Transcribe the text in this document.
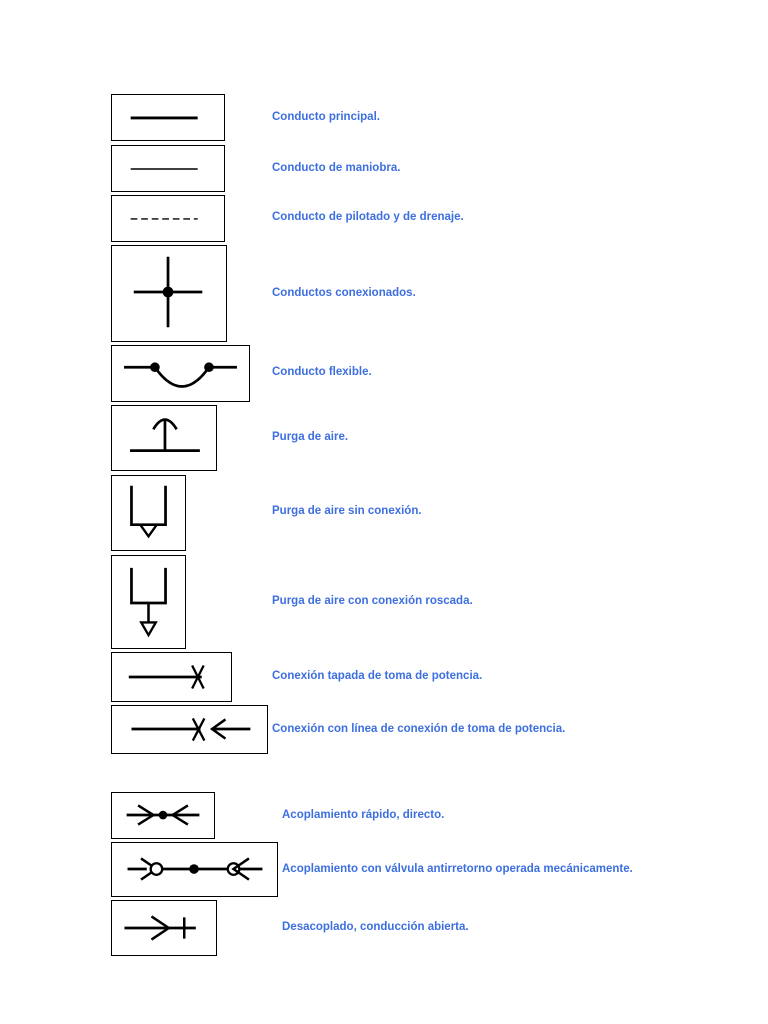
Conducto principal.
Conducto de maniobra.
Conducto de pilotado y de drenaje.
Conductos conexionados.
Conducto flexible.
Purga de aire.
Purga de aire sin conexión.
Purga de aire con conexión roscada.
Conexión tapada de toma de potencia.
Conexión con línea de conexión de toma de potencia.
Acoplamiento rápido, directo.
Acoplamiento con válvula antirretorno operada mecánicamente.
Desacoplado, conducción abierta.
